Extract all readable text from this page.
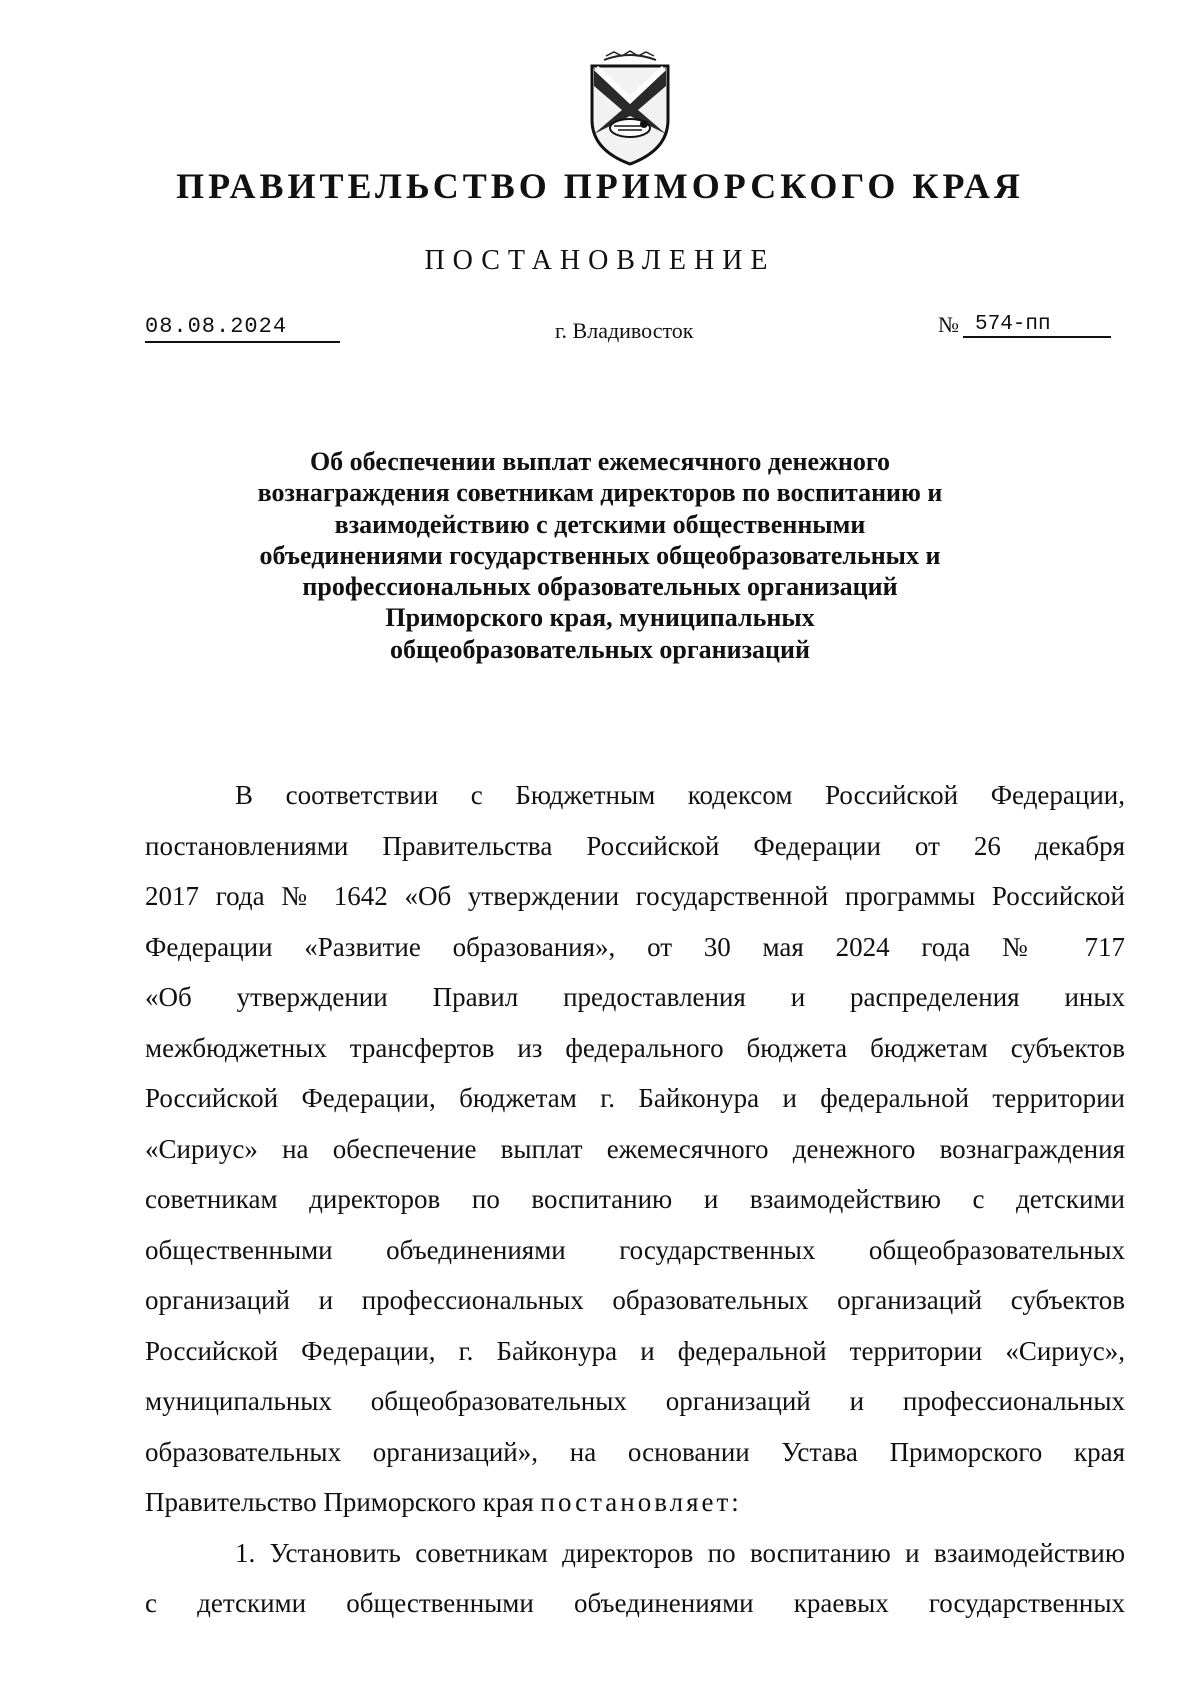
ПРАВИТЕЛЬСТВО ПРИМОРСКОГО КРАЯ
ПОСТАНОВЛЕНИЕ
08.08.2024	г. Владивосток	№ 574-пп
Об обеспечении выплат ежемесячного денежного
вознаграждения советникам директоров по воспитанию и
взаимодействию с детскими общественными
объединениями государственных общеобразовательных и
профессиональных образовательных организаций
Приморского края, муниципальных
общеобразовательных организаций
В соответствии с Бюджетным кодексом Российской Федерации,
постановлениями Правительства Российской Федерации от 26 декабря
2017 года № 1642 «Об утверждении государственной программы Российской
Федерации «Развитие образования», от 30 мая 2024 года № 717
«Об утверждении Правил предоставления и распределения иных
межбюджетных трансфертов из федерального бюджета бюджетам субъектов
Российской Федерации, бюджетам г. Байконура и федеральной территории
«Сириус» на обеспечение выплат ежемесячного денежного вознаграждения
советникам директоров по воспитанию и взаимодействию с детскими
общественными объединениями государственных общеобразовательных
организаций и профессиональных образовательных организаций субъектов
Российской Федерации, г. Байконура и федеральной территории «Сириус»,
муниципальных общеобразовательных организаций и профессиональных
образовательных организаций», на основании Устава Приморского края
Правительство Приморского края постановляет:
1. Установить советникам директоров по воспитанию и взаимодействию
с детскими общественными объединениями краевых государственных
